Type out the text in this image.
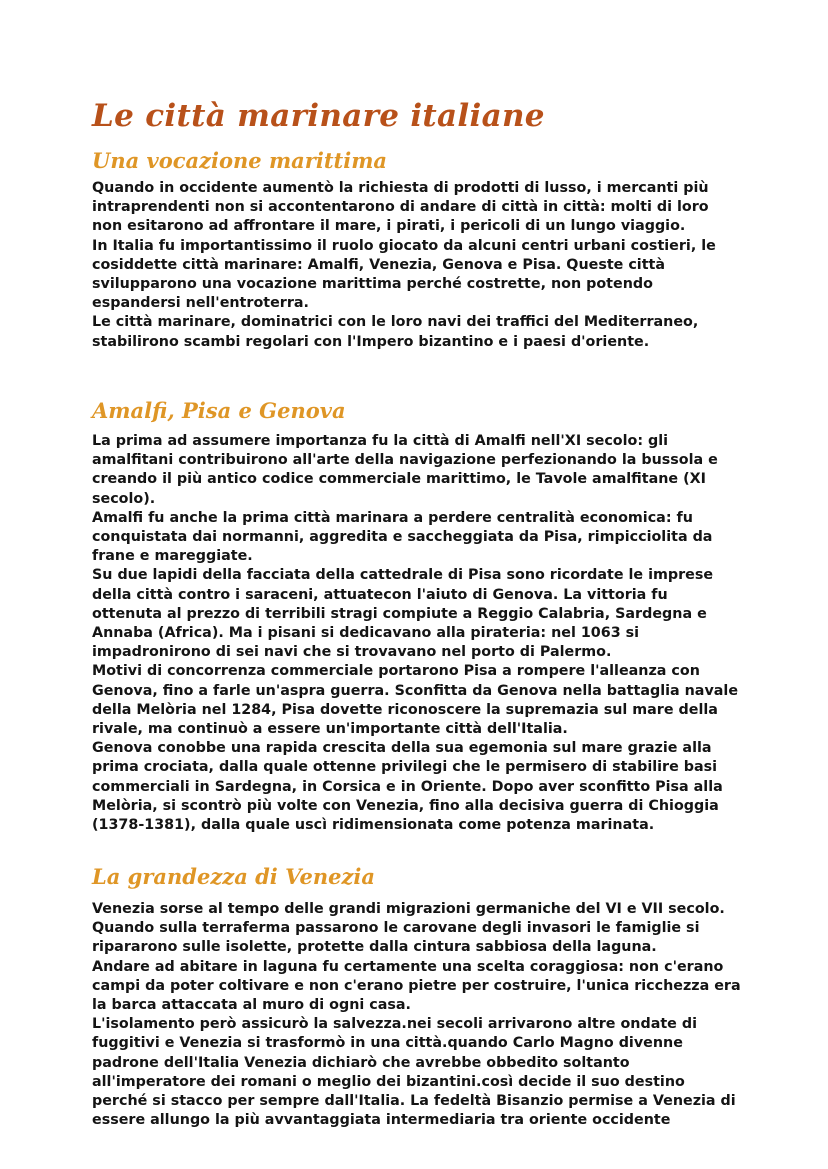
Le città marinare italiane
Una vocazione marittima

Quando in occidente aumentò la richiesta di prodotti di lusso, i mercanti più intraprendenti non si accontentarono di andare di città in città: molti di loro non esitarono ad affrontare il mare, i pirati, i pericoli di un lungo viaggio.

In Italia fu importantissimo il ruolo giocato da alcuni centri urbani costieri, le cosiddette città marinare: Amalfi, Venezia, Genova e Pisa. Queste città svilupparono una vocazione marittima perché costrette, non potendo espandersi nell'entroterra.

Le città marinare, dominatrici con le loro navi dei traffici del Mediterraneo, stabilirono scambi regolari con l'Impero bizantino e i paesi d'oriente.

Amalfi, Pisa e Genova

La prima ad assumere importanza fu la città di Amalfi nell'XI secolo: gli amalfitani contribuirono all'arte della navigazione perfezionando la bussola e creando il più antico codice commerciale marittimo, le Tavole amalfitane (XI secolo).

Amalfi fu anche la prima città marinara a perdere centralità economica: fu conquistata dai normanni, aggredita e saccheggiata da Pisa, rimpicciolita da frane e mareggiate.

Su due lapidi della facciata della cattedrale di Pisa sono ricordate le imprese della città contro i saraceni, attuatecon l'aiuto di Genova. La vittoria fu ottenuta al prezzo di terribili stragi compiute a Reggio Calabria, Sardegna e Annaba (Africa). Ma i pisani si dedicavano alla pirateria: nel 1063 si impadronirono di sei navi che si trovavano nel porto di Palermo.

Motivi di concorrenza commerciale portarono Pisa a rompere l'alleanza con Genova, fino a farle un'aspra guerra. Sconfitta da Genova nella battaglia navale della Melòria nel 1284, Pisa dovette riconoscere la supremazia sul mare della rivale, ma continuò a essere un'importante città dell'Italia.

Genova conobbe una rapida crescita della sua egemonia sul mare grazie alla prima crociata, dalla quale ottenne privilegi che le permisero di stabilire basi commerciali in Sardegna, in Corsica e in Oriente. Dopo aver sconfitto Pisa alla Melòria, si scontrò più volte con Venezia, fino alla decisiva guerra di Chioggia (1378-1381), dalla quale uscì ridimensionata come potenza marinata.

La grandezza di Venezia

Venezia sorse al tempo delle grandi migrazioni germaniche del VI e VII secolo. Quando sulla terraferma passarono le carovane degli invasori le famiglie si ripararono sulle isolette, protette dalla cintura sabbiosa della laguna.

Andare ad abitare in laguna fu certamente una scelta coraggiosa: non c'erano campi da poter coltivare e non c'erano pietre per costruire, l'unica ricchezza era la barca attaccata al muro di ogni casa.

L'isolamento però assicurò la salvezza.nei secoli arrivarono altre ondate di fuggitivi e Venezia si trasformò in una città.quando Carlo Magno divenne padrone dell'Italia Venezia dichiarò che avrebbe obbedito soltanto all'imperatore dei romani o meglio dei bizantini.così decide il suo destino perché si stacco per sempre dall'Italia. La fedeltà Bisanzio permise a Venezia di essere allungo la più avvantaggiata intermediaria tra oriente occidente
